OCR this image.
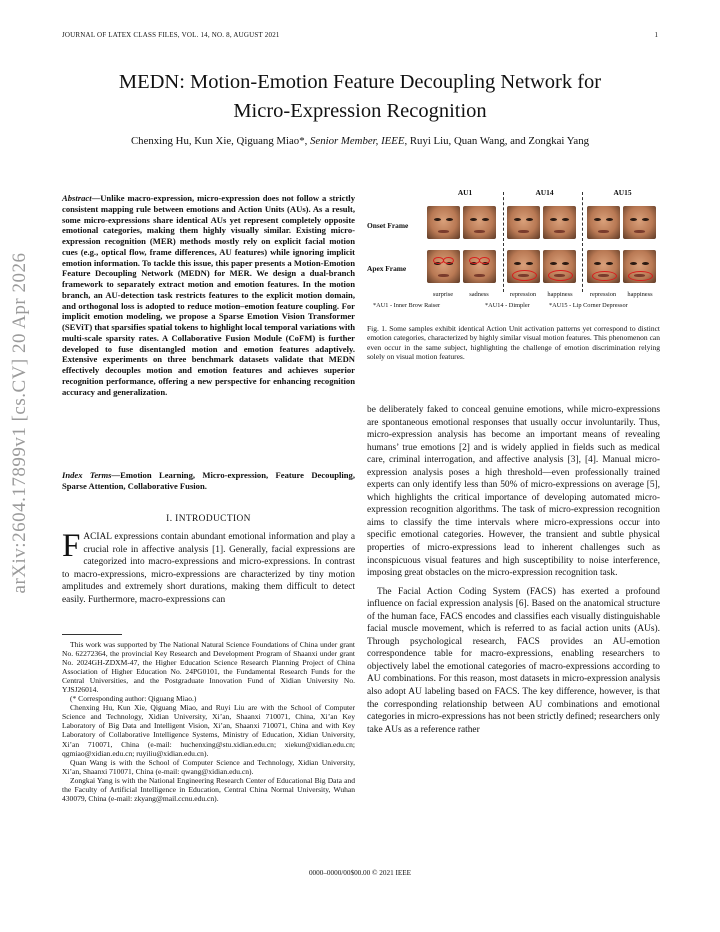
JOURNAL OF LATEX CLASS FILES, VOL. 14, NO. 8, AUGUST 2021	1
arXiv:2604.17899v1 [cs.CV] 20 Apr 2026
MEDN: Motion-Emotion Feature Decoupling Network for
Micro-Expression Recognition
Chenxing Hu, Kun Xie, Qiguang Miao*, Senior Member, IEEE, Ruyi Liu, Quan Wang, and Zongkai Yang
Abstract—Unlike macro-expression, micro-expression does not follow a strictly consistent mapping rule between emotions and Action Units (AUs). As a result, some micro-expressions share identical AUs yet represent completely opposite emotional categories, making them highly visually similar. Existing micro-expression recognition (MER) methods mostly rely on explicit facial motion cues (e.g., optical flow, frame differences, AU features) while ignoring implicit emotion information. To tackle this issue, this paper presents a Motion-Emotion Feature Decoupling Network (MEDN) for MER. We design a dual-branch framework to separately extract motion and emotion features. In the motion branch, an AU-detection task restricts features to the explicit motion domain, and orthogonal loss is adopted to reduce motion–emotion feature coupling. For implicit emotion modeling, we propose a Sparse Emotion Vision Transformer (SEViT) that sparsifies spatial tokens to highlight local temporal variations with multi-scale sparsity rates. A Collaborative Fusion Module (CoFM) is further developed to fuse disentangled motion and emotion features adaptively. Extensive experiments on three benchmark datasets validate that MEDN effectively decouples motion and emotion features and achieves superior recognition performance, offering a new perspective for enhancing recognition accuracy and generalization.
Index Terms—Emotion Learning, Micro-expression, Feature Decoupling, Sparse Attention, Collaborative Fusion.
I. INTRODUCTION
FACIAL expressions contain abundant emotional information and play a crucial role in affective analysis [1]. Generally, facial expressions are categorized into macro-expressions and micro-expressions. In contrast to macro-expressions, micro-expressions are characterized by tiny motion amplitudes and extremely short durations, making them difficult to detect easily. Furthermore, macro-expressions can

This work was supported by The National Natural Science Foundations of China under grant No. 62272364, the provincial Key Research and Development Program of Shaanxi under grant No. 2024GH-ZDXM-47, the Higher Education Science Research Planning Project of China Association of Higher Education No. 24PG0101, the Fundamental Research Funds for the Central Universities, and the Postgraduate Innovation Fund of Xidian University No. YJSJ26014.

(* Corresponding author: Qiguang Miao.)

Chenxing Hu, Kun Xie, Qiguang Miao, and Ruyi Liu are with the School of Computer Science and Technology, Xidian University, Xi’an, Shaanxi 710071, China, Xi’an Key Laboratory of Big Data and Intelligent Vision, Xi’an, Shaanxi 710071, China and with Key Laboratory of Collaborative Intelligence Systems, Ministry of Education, Xidian University, Xi’an 710071, China (e-mail: huchenxing@stu.xidian.edu.cn; xiekun@xidian.edu.cn; qgmiao@xidian.edu.cn; ruyiliu@xidian.edu.cn).

Quan Wang is with the School of Computer Science and Technology, Xidian University, Xi’an, Shaanxi 710071, China (e-mail: qwang@xidian.edu.cn).

Zongkai Yang is with the National Engineering Research Center of Educational Big Data and the Faculty of Artificial Intelligence in Education, Central China Normal University, Wuhan 430079, China (e-mail: zkyang@mail.ccnu.edu.cn).

AU1	AU14	AU15
Onset Frame
Apex Frame
surprise	sadness	repression	happiness	repression	happiness
*AU1 - Inner Brow Raiser	*AU14 - Dimpler	*AU15 - Lip Corner Depressor
Fig. 1. Some samples exhibit identical Action Unit activation patterns yet correspond to distinct emotion categories, characterized by highly similar visual motion features. This phenomenon can even occur in the same subject, highlighting the challenge of emotion discrimination relying solely on visual motion features.

be deliberately faked to conceal genuine emotions, while micro-expressions are spontaneous emotional responses that usually occur involuntarily. Thus, micro-expression analysis has become an important means of revealing humans’ true emotions [2] and is widely applied in fields such as medical care, criminal interrogation, and affective analysis [3], [4]. Manual micro-expression analysis poses a high threshold—even professionally trained experts can only identify less than 50% of micro-expressions on average [5], which highlights the critical importance of developing automated micro-expression recognition algorithms. The task of micro-expression recognition aims to classify the time intervals where micro-expressions occur into specific emotional categories. However, the transient and subtle physical properties of micro-expressions lead to inherent challenges such as inconspicuous visual features and high susceptibility to noise interference, imposing great obstacles on the micro-expression recognition task.

The Facial Action Coding System (FACS) has exerted a profound influence on facial expression analysis [6]. Based on the anatomical structure of the human face, FACS encodes and classifies each visually distinguishable facial muscle movement, which is referred to as facial action units (AUs). Through psychological research, FACS provides an AU-emotion correspondence table for macro-expressions, enabling researchers to objectively label the emotional categories of macro-expressions according to AU combinations. For this reason, most datasets in micro-expression analysis also adopt AU labeling based on FACS. The key difference, however, is that the corresponding relationship between AU combinations and emotional categories in micro-expressions has not been strictly defined; researchers only take AUs as a reference rather

0000–0000/00$00.00 © 2021 IEEE
